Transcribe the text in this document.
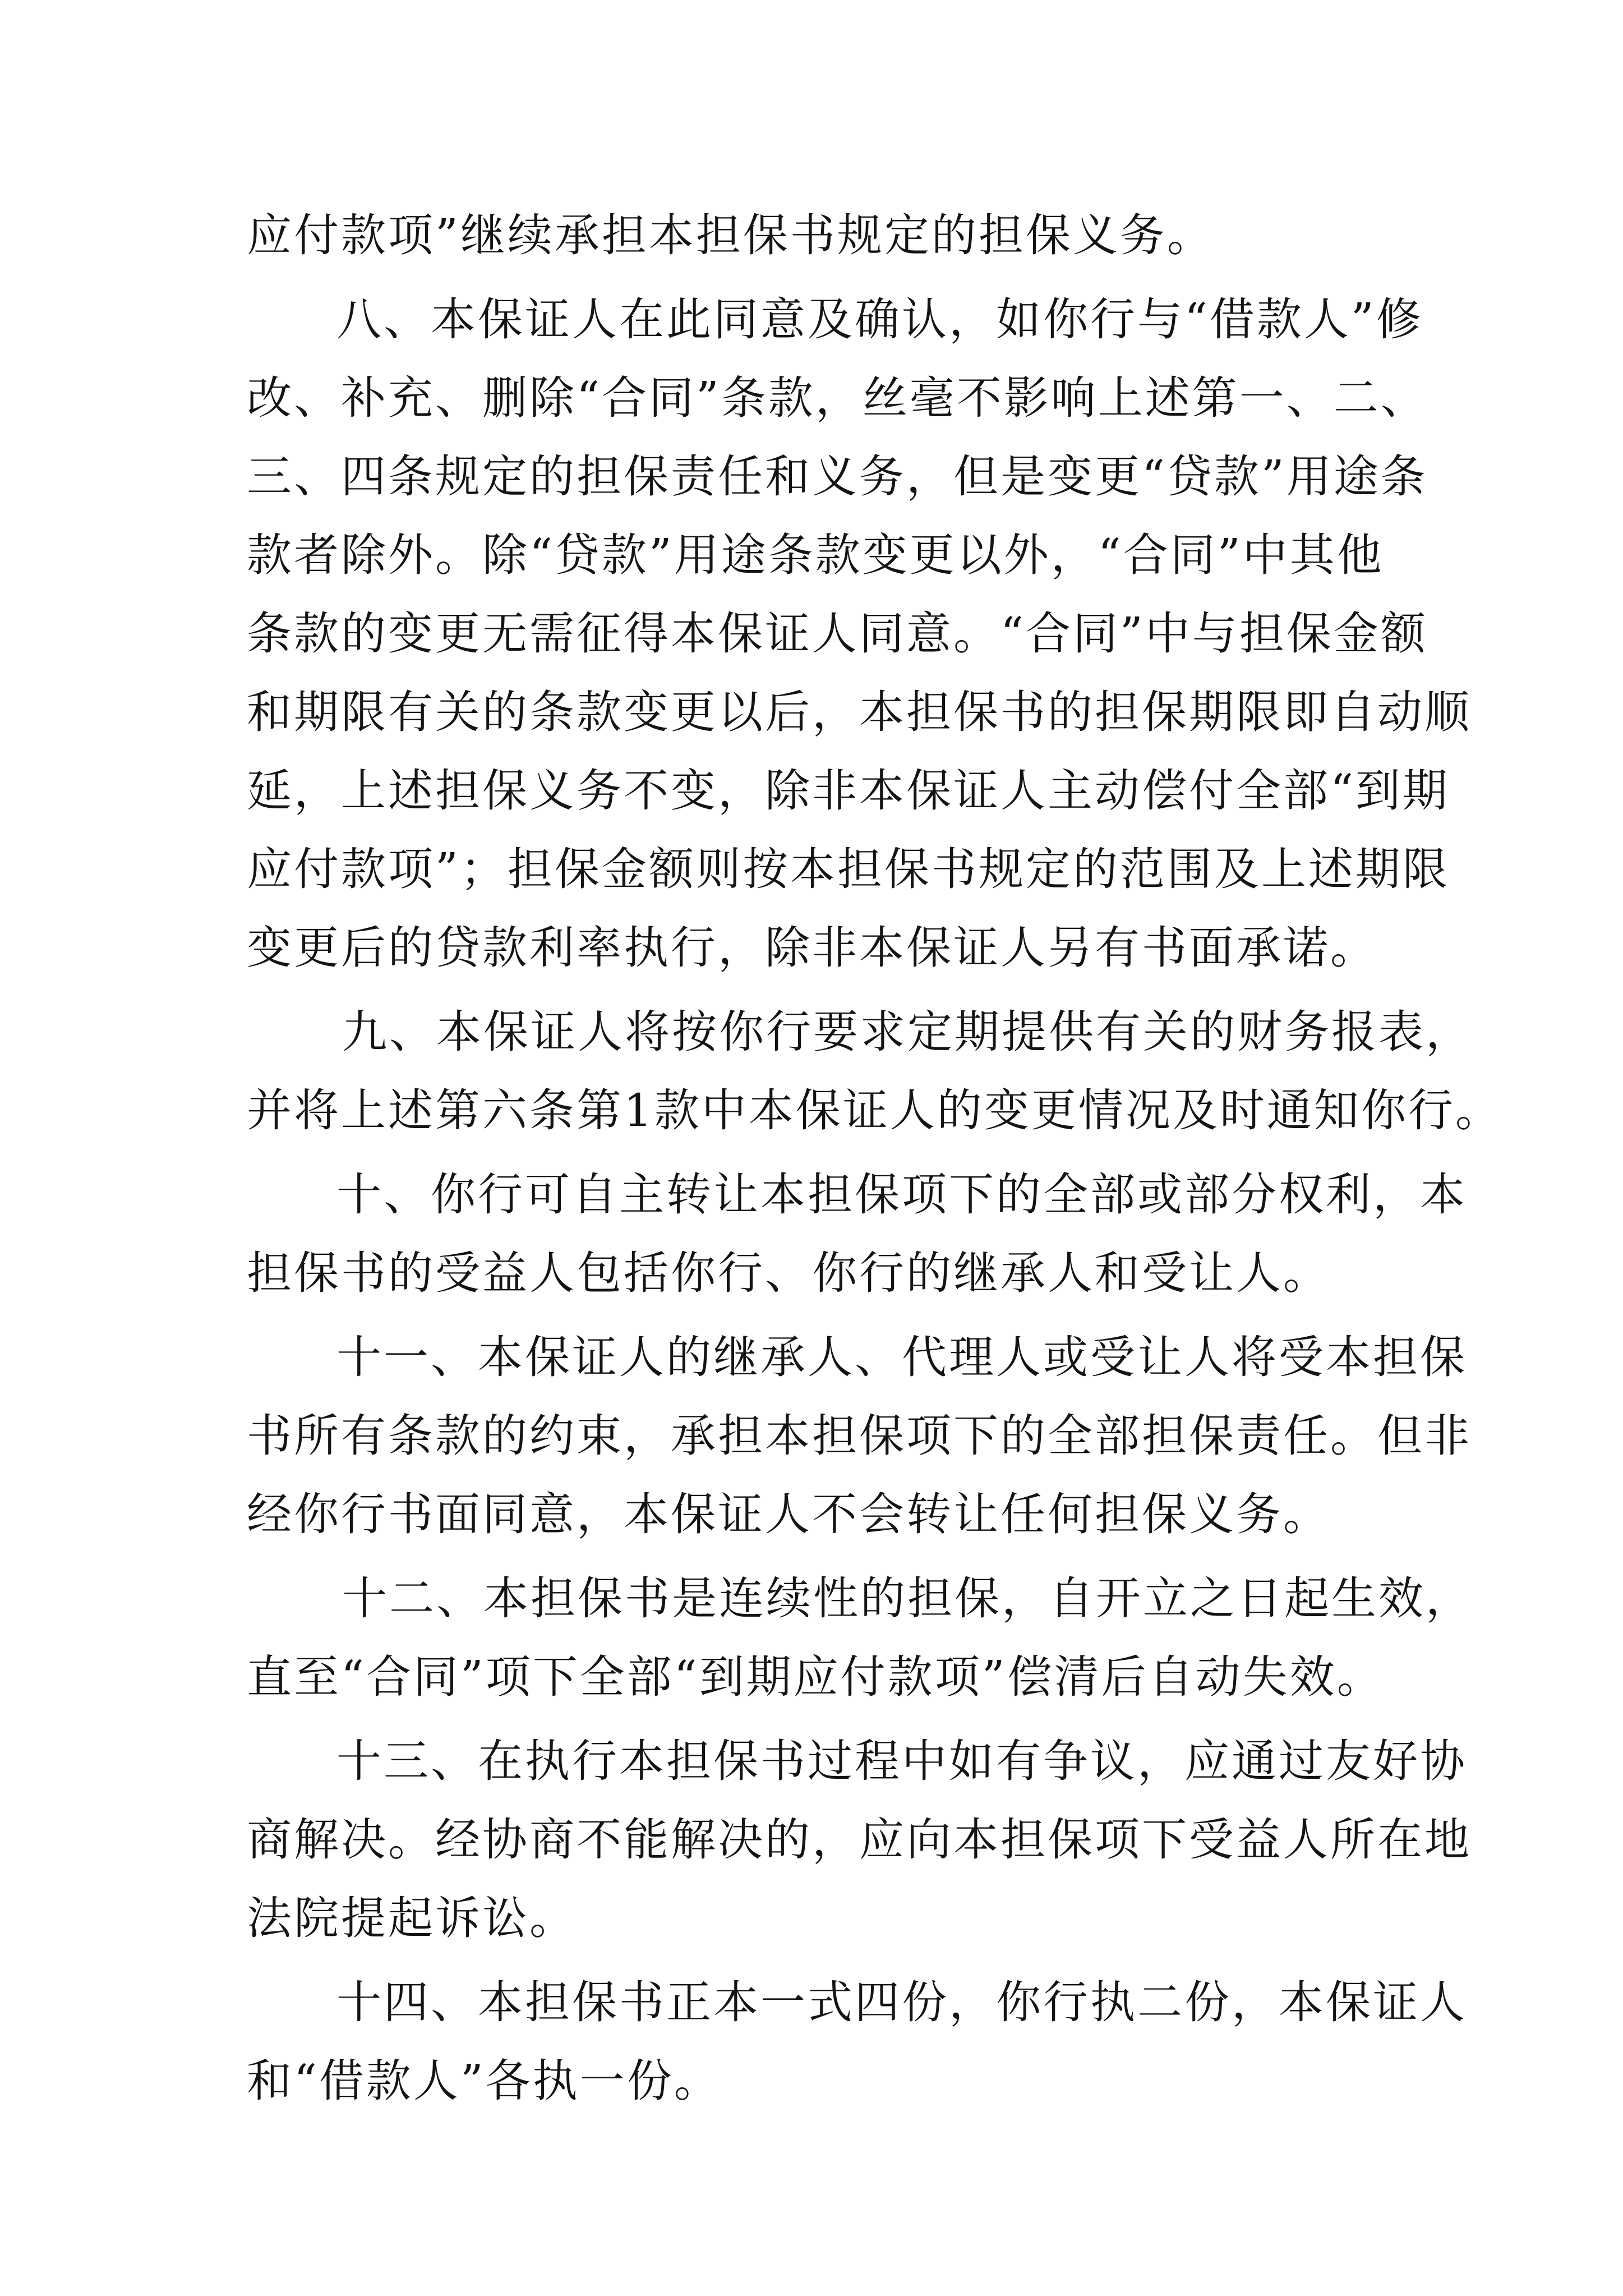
应付款项”继续承担本担保书规定的担保义务。
八、本保证人在此同意及确认，如你行与“借款人”修
改、补充、删除“合同”条款，丝毫不影响上述第一、二、
三、四条规定的担保责任和义务，但是变更“贷款”用途条
款者除外。除“贷款”用途条款变更以外，“合同”中其他
条款的变更无需征得本保证人同意。“合同”中与担保金额
和期限有关的条款变更以后，本担保书的担保期限即自动顺
延，上述担保义务不变，除非本保证人主动偿付全部“到期
应付款项”；担保金额则按本担保书规定的范围及上述期限
变更后的贷款利率执行，除非本保证人另有书面承诺。
九、本保证人将按你行要求定期提供有关的财务报表，
并将上述第六条第1款中本保证人的变更情况及时通知你行。
十、你行可自主转让本担保项下的全部或部分权利，本
担保书的受益人包括你行、你行的继承人和受让人。
十一、本保证人的继承人、代理人或受让人将受本担保
书所有条款的约束，承担本担保项下的全部担保责任。但非
经你行书面同意，本保证人不会转让任何担保义务。
十二、本担保书是连续性的担保，自开立之日起生效，
直至“合同”项下全部“到期应付款项”偿清后自动失效。
十三、在执行本担保书过程中如有争议，应通过友好协
商解决。经协商不能解决的，应向本担保项下受益人所在地
法院提起诉讼。
十四、本担保书正本一式四份，你行执二份，本保证人
和“借款人”各执一份。
